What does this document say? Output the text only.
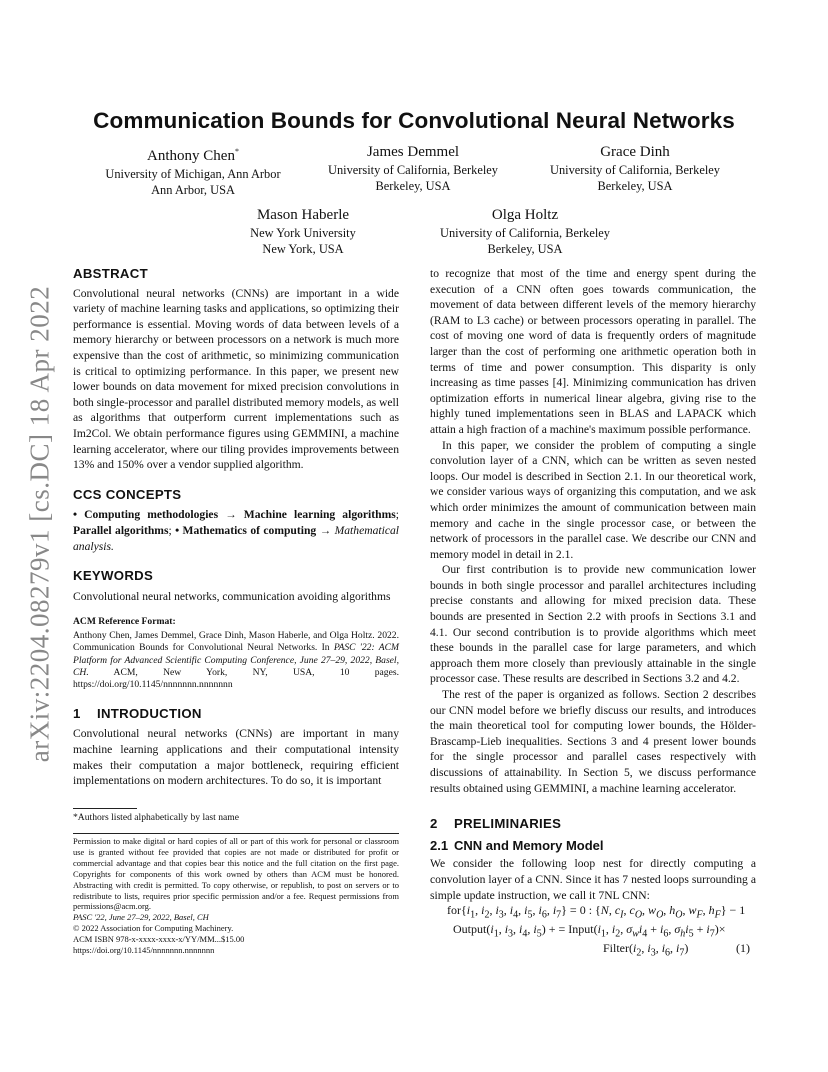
arXiv:2204.08279v1 [cs.DC] 18 Apr 2022
Communication Bounds for Convolutional Neural Networks
Anthony Chen*
University of Michigan, Ann Arbor
Ann Arbor, USA
James Demmel
University of California, Berkeley
Berkeley, USA
Grace Dinh
University of California, Berkeley
Berkeley, USA
Mason Haberle
New York University
New York, USA
Olga Holtz
University of California, Berkeley
Berkeley, USA
ABSTRACT

Convolutional neural networks (CNNs) are important in a wide variety of machine learning tasks and applications, so optimizing their performance is essential. Moving words of data between levels of a memory hierarchy or between processors on a network is much more expensive than the cost of arithmetic, so minimizing communication is critical to optimizing performance. In this paper, we present new lower bounds on data movement for mixed precision convolutions in both single-processor and parallel distributed memory models, as well as algorithms that outperform current implementations such as Im2Col. We obtain performance figures using GEMMINI, a machine learning accelerator, where our tiling provides improvements between 13% and 150% over a vendor supplied algorithm.

CCS CONCEPTS

• Computing methodologies → Machine learning algorithms; Parallel algorithms; • Mathematics of computing → Mathematical analysis.

KEYWORDS

Convolutional neural networks, communication avoiding algorithms

ACM Reference Format:

Anthony Chen, James Demmel, Grace Dinh, Mason Haberle, and Olga Holtz. 2022. Communication Bounds for Convolutional Neural Networks. In PASC '22: ACM Platform for Advanced Scientific Computing Conference, June 27–29, 2022, Basel, CH.	ACM, New York, NY, USA, 10 pages. https://doi.org/10.1145/nnnnnnn.nnnnnnn

1 INTRODUCTION

Convolutional neural networks (CNNs) are important in many machine learning applications and their computational intensity makes their computation a major bottleneck, requiring efficient implementations on modern architectures. To do so, it is important

*Authors listed alphabetically by last name

Permission to make digital or hard copies of all or part of this work for personal or classroom use is granted without fee provided that copies are not made or distributed for profit or commercial advantage and that copies bear this notice and the full citation on the first page. Copyrights for components of this work owned by others than ACM must be honored. Abstracting with credit is permitted. To copy otherwise, or republish, to post on servers or to redistribute to lists, requires prior specific permission and/or a fee. Request permissions from permissions@acm.org.

PASC '22, June 27–29, 2022, Basel, CH
© 2022 Association for Computing Machinery.
ACM ISBN 978-x-xxxx-xxxx-x/YY/MM...$15.00
https://doi.org/10.1145/nnnnnnn.nnnnnnn

to recognize that most of the time and energy spent during the execution of a CNN often goes towards communication, the movement of data between different levels of the memory hierarchy (RAM to L3 cache) or between processors operating in parallel. The cost of moving one word of data is frequently orders of magnitude larger than the cost of performing one arithmetic operation both in terms of time and power consumption. This disparity is only increasing as time passes [4]. Minimizing communication has driven optimization efforts in numerical linear algebra, giving rise to the highly tuned implementations seen in BLAS and LAPACK which attain a high fraction of a machine's maximum possible performance.

In this paper, we consider the problem of computing a single convolution layer of a CNN, which can be written as seven nested loops. Our model is described in Section 2.1. In our theoretical work, we consider various ways of organizing this computation, and we ask which order minimizes the amount of communication between main memory and cache in the single processor case, or between the network of processors in the parallel case. We describe our CNN and memory model in detail in 2.1.

Our first contribution is to provide new communication lower bounds in both single processor and parallel architectures including precise constants and allowing for mixed precision data. These bounds are presented in Section 2.2 with proofs in Sections 3.1 and 4.1. Our second contribution is to provide algorithms which meet these bounds in the parallel case for large parameters, and which approach them more closely than previously attainable in the single processor case. These results are described in Sections 3.2 and 4.2.

The rest of the paper is organized as follows. Section 2 describes our CNN model before we briefly discuss our results, and introduces the main theoretical tool for computing lower bounds, the Hölder-Brascamp-Lieb inequalities. Sections 3 and 4 present lower bounds for the single processor and parallel cases respectively with discussions of attainability. In Section 5, we discuss performance results obtained using GEMMINI, a machine learning accelerator.

2 PRELIMINARIES
2.1 CNN and Memory Model

We consider the following loop nest for directly computing a convolution layer of a CNN. Since it has 7 nested loops surrounding a simple update instruction, we call it 7NL CNN:

$for\{i_1$, $i_2$, $i_3$, $i_4$, $i_5$, $i_6$, $i_7\} = 0$ : {N, $c_I$, $c_O$, $w_O$, $h_O$, $w_F$, $h_F\} - 1$
$Output(i_1$, $i_3$, $i_4$, $i_5$) + = $Input(i_1$, $i_2$, $\sigma_wi_4 + i_6$, $\sigma_hi_5 + i_7)\times$
$Filter(i_2$, $i_3$, $i_6$, $i_7$)	(1)
